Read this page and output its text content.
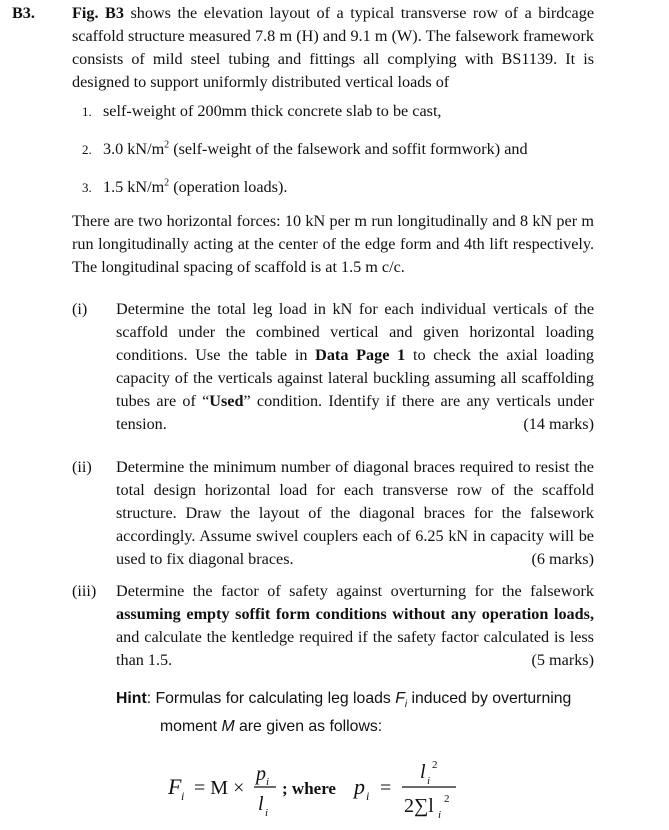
B3. Fig. B3 shows the elevation layout of a typical transverse row of a birdcage scaffold structure measured 7.8 m (H) and 9.1 m (W). The falsework framework consists of mild steel tubing and fittings all complying with BS1139. It is designed to support uniformly distributed vertical loads of
1. self-weight of 200mm thick concrete slab to be cast,
2. 3.0 $kN/m^2$ (self-weight of the falsework and soffit formwork) and
3. 1.5 $kN/m^2$ (operation loads).
There are two horizontal forces: 10 kN per m run longitudinally and 8 kN per m run longitudinally acting at the center of the edge form and 4th lift respectively. The longitudinal spacing of scaffold is at 1.5 m c/c.
(i) Determine the total leg load in kN for each individual verticals of the scaffold under the combined vertical and given horizontal loading conditions. Use the table in Data Page 1 to check the axial loading capacity of the verticals against lateral buckling assuming all scaffolding tubes are of “Used” condition. Identify if there are any verticals under tension.	(14 marks)
(ii) Determine the minimum number of diagonal braces required to resist the total design horizontal load for each transverse row of the scaffold structure. Draw the layout of the diagonal braces for the falsework accordingly. Assume swivel couplers each of 6.25 kN in capacity will be used to fix diagonal braces.	(6 marks)
(iii) Determine the factor of safety against overturning for the falsework assuming empty soffit form conditions without any operation loads, and calculate the kentledge required if the safety factor calculated is less than 1.5.	(5 marks)
Hint: Formulas for calculating leg loads $F_i$ induced by overturning
moment M are given as follows:
F i = M ×
p i
l i
; where p i =
l i
2
2∑l i
2
